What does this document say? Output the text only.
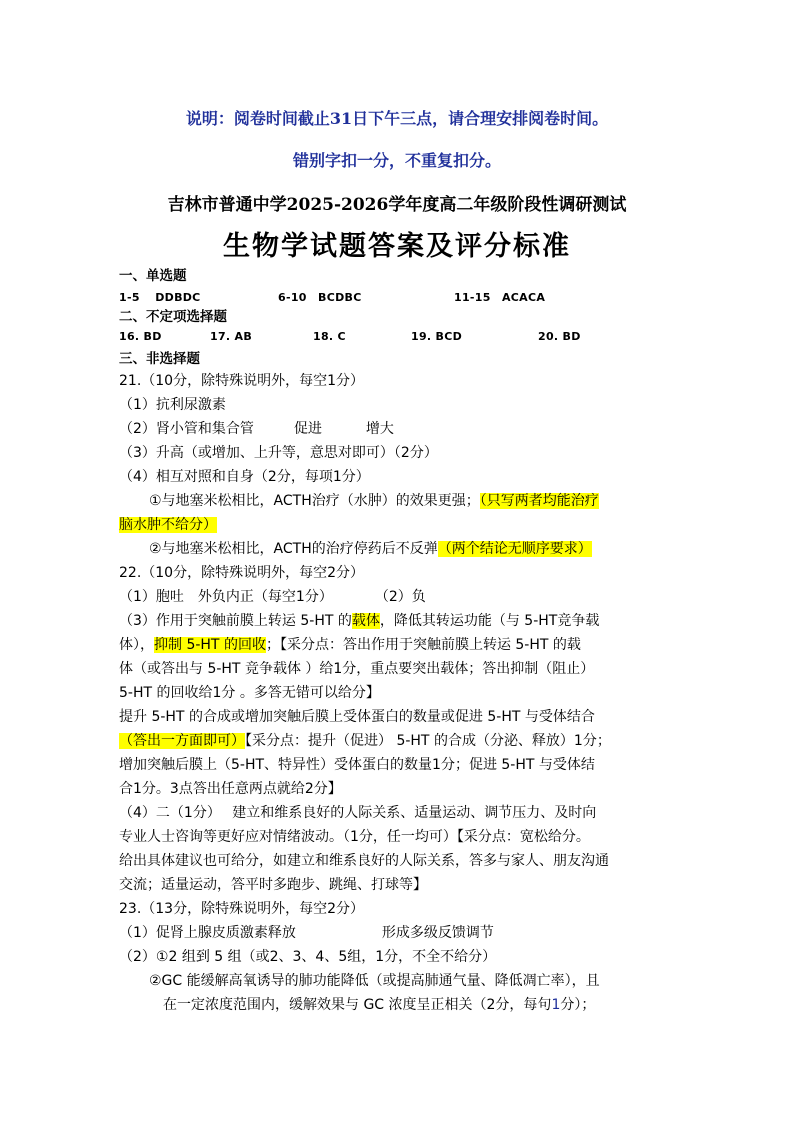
说明：阅卷时间截止31日下午三点，请合理安排阅卷时间。
错别字扣一分，不重复扣分。
吉林市普通中学2025-2026学年度高二年级阶段性调研测试
生物学试题答案及评分标准
一、单选题
1-5　 DDBDC	6-10　BCDBC	11-15　ACACA
二、不定项选择题
16. BD	17. AB	18. C	19. BCD	20. BD
三、非选择题
21.（10分，除特殊说明外，每空1分）
（1）抗利尿激素
（2）肾小管和集合管	促进	增大
（3）升高（或增加、上升等，意思对即可）（2分）
（4）相互对照和自身（2分，每项1分）
①与地塞米松相比，ACTH治疗（水肿）的效果更强；（只写两者均能治疗
脑水肿不给分）
②与地塞米松相比，ACTH的治疗停药后不反弹（两个结论无顺序要求）
22.（10分，除特殊说明外，每空2分）
（1）胞吐　外负内正（每空1分）	（2）负
（3）作用于突触前膜上转运 5-HT 的载体，降低其转运功能（与 5-HT竞争载
体），抑制 5-HT 的回收；【采分点：答出作用于突触前膜上转运 5-HT 的载
体（或答出与 5-HT 竞争载体 ）给1分，重点要突出载体；答出抑制（阻止）
5-HT 的回收给1分 。多答无错可以给分】
提升 5-HT 的合成或增加突触后膜上受体蛋白的数量或促进 5-HT 与受体结合
（答出一方面即可）【采分点：提升（促进） 5-HT 的合成（分泌、释放）1分；
增加突触后膜上（5-HT、特异性）受体蛋白的数量1分；促进 5-HT 与受体结
合1分。3点答出任意两点就给2分】
（4）二（1分）　 建立和维系良好的人际关系、适量运动、调节压力、及时向
专业人士咨询等更好应对情绪波动。（1分，任一均可）【采分点：宽松给分。
给出具体建议也可给分，如建立和维系良好的人际关系，答多与家人、朋友沟通
交流；适量运动，答平时多跑步、跳绳、打球等】
23.（13分，除特殊说明外，每空2分）
（1）促肾上腺皮质激素释放	形成多级反馈调节
（2）①2 组到 5 组（或2、3、4、5组，1分，不全不给分）
②GC 能缓解高氧诱导的肺功能降低（或提高肺通气量、降低凋亡率），且
在一定浓度范围内，缓解效果与 GC 浓度呈正相关（2分，每句1分）；
